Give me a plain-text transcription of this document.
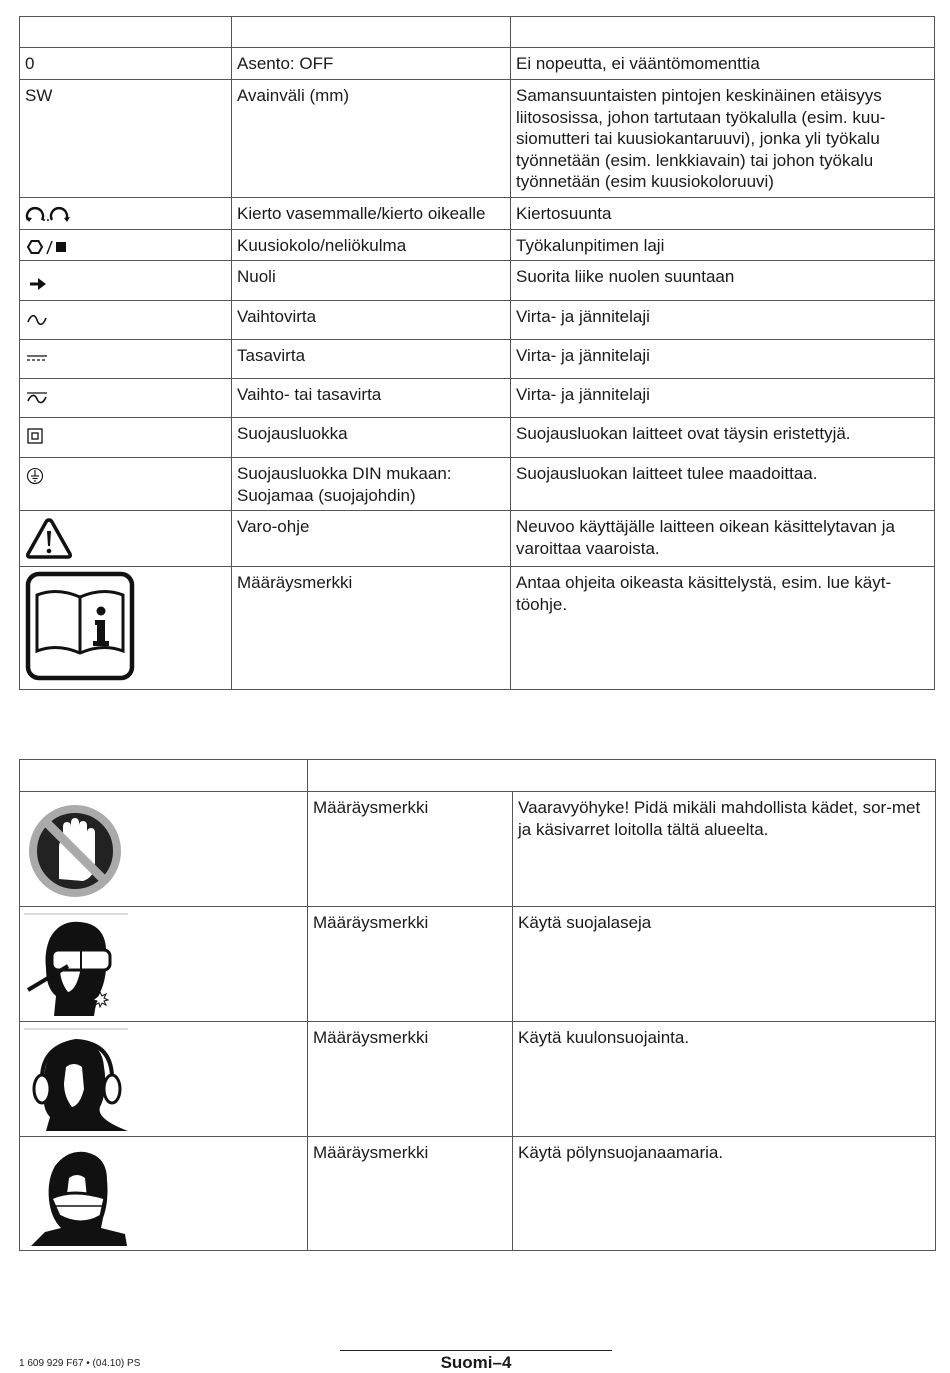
0	Asento: OFF	Ei nopeutta, ei vääntömomenttia
SW	Avainväli (mm)	Samansuuntaisten pintojen keskinäinen etäisyys liitososissa, johon tartutaan työkalulla (esim. kuu-siomutteri tai kuusiokantaruuvi), jonka yli työkalu työnnetään (esim. lenkkiavain) tai johon työkalu työnnetään (esim kuusiokoloruuvi)
	Kierto vasemmalle/kierto oikealle	Kiertosuunta
	Kuusiokolo/neliökulma	Työkalunpitimen laji
	Nuoli	Suorita liike nuolen suuntaan
	Vaihtovirta	Virta- ja jännitelaji
	Tasavirta	Virta- ja jännitelaji
	Vaihto- tai tasavirta	Virta- ja jännitelaji
	Suojausluokka	Suojausluokan laitteet ovat täysin eristettyjä.
	Suojausluokka DIN mukaan: Suojamaa (suojajohdin)	Suojausluokan laitteet tulee maadoittaa.
	Varo-ohje	Neuvoo käyttäjälle laitteen oikean käsittelytavan ja varoittaa vaaroista.

	Määräysmerkki	Antaa ohjeita oikeasta käsittelystä, esim. lue käyt-töohje.

	Määräysmerkki	Vaaravyöhyke! Pidä mikäli mahdollista kädet, sor-met ja käsivarret loitolla tältä alueelta.

	Määräysmerkki	Käytä suojalaseja

	Määräysmerkki	Käytä kuulonsuojainta.

	Määräysmerkki	Käytä pölynsuojanaamaria.
1 609 929 F67 • (04.10) PS	Suomi–4
